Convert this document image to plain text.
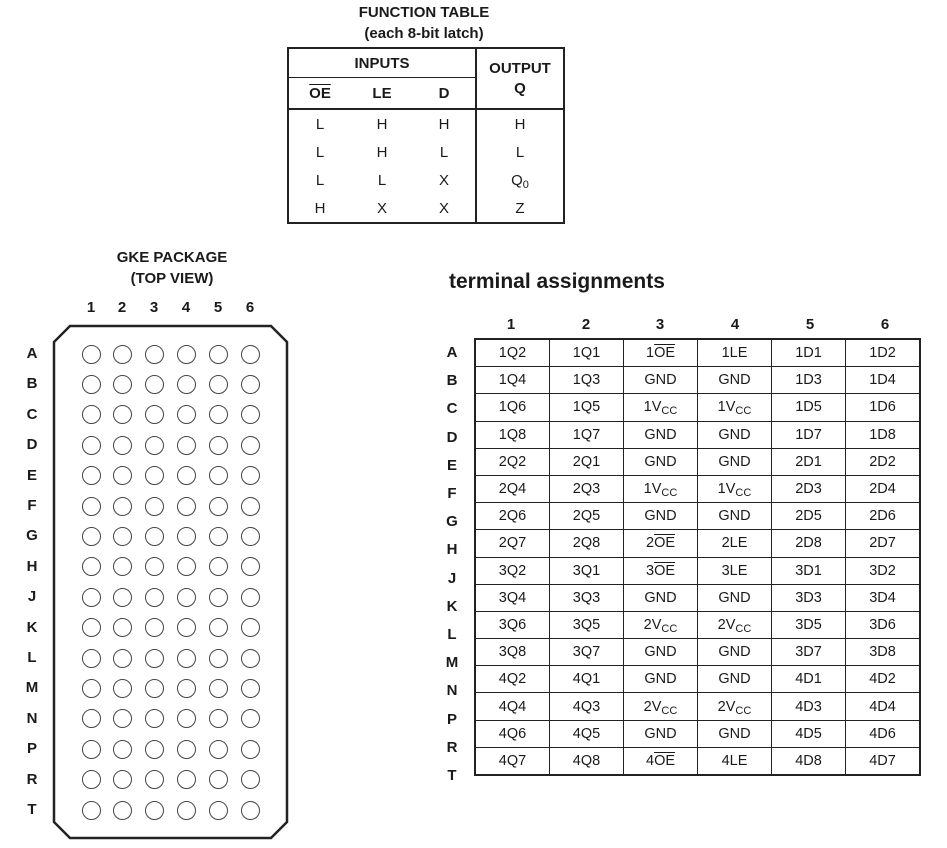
FUNCTION TABLE
(each 8-bit latch)
INPUTS			OUTPUT
Q
$\overline{OE}$	LE	D	
L	H	H	H
L	H	L	L
L	L	X	$Q_0$
H	X	X	Z
GKE PACKAGE
(TOP VIEW)
1	2	3	4	5	6
A
B
C
D
E
F
G
H
J
K
L
M
N
P
R
T
terminal assignments
1	2	3	4	5	6
A
B
C
D
E
F
G
H
J
K
L
M
N
P
R
T
1Q2	1Q1	$1\overline{OE}$	1LE	1D1	1D2
1Q4	1Q3	GND	GND	1D3	1D4
1Q6	1Q5	$1V_{CC}$	$1V_{CC}$	1D5	1D6
1Q8	1Q7	GND	GND	1D7	1D8
2Q2	2Q1	GND	GND	2D1	2D2
2Q4	2Q3	$1V_{CC}$	$1V_{CC}$	2D3	2D4
2Q6	2Q5	GND	GND	2D5	2D6
2Q7	2Q8	$2\overline{OE}$	2LE	2D8	2D7
3Q2	3Q1	$3\overline{OE}$	3LE	3D1	3D2
3Q4	3Q3	GND	GND	3D3	3D4
3Q6	3Q5	$2V_{CC}$	$2V_{CC}$	3D5	3D6
3Q8	3Q7	GND	GND	3D7	3D8
4Q2	4Q1	GND	GND	4D1	4D2
4Q4	4Q3	$2V_{CC}$	$2V_{CC}$	4D3	4D4
4Q6	4Q5	GND	GND	4D5	4D6
4Q7	4Q8	$4\overline{OE}$	4LE	4D8	4D7
